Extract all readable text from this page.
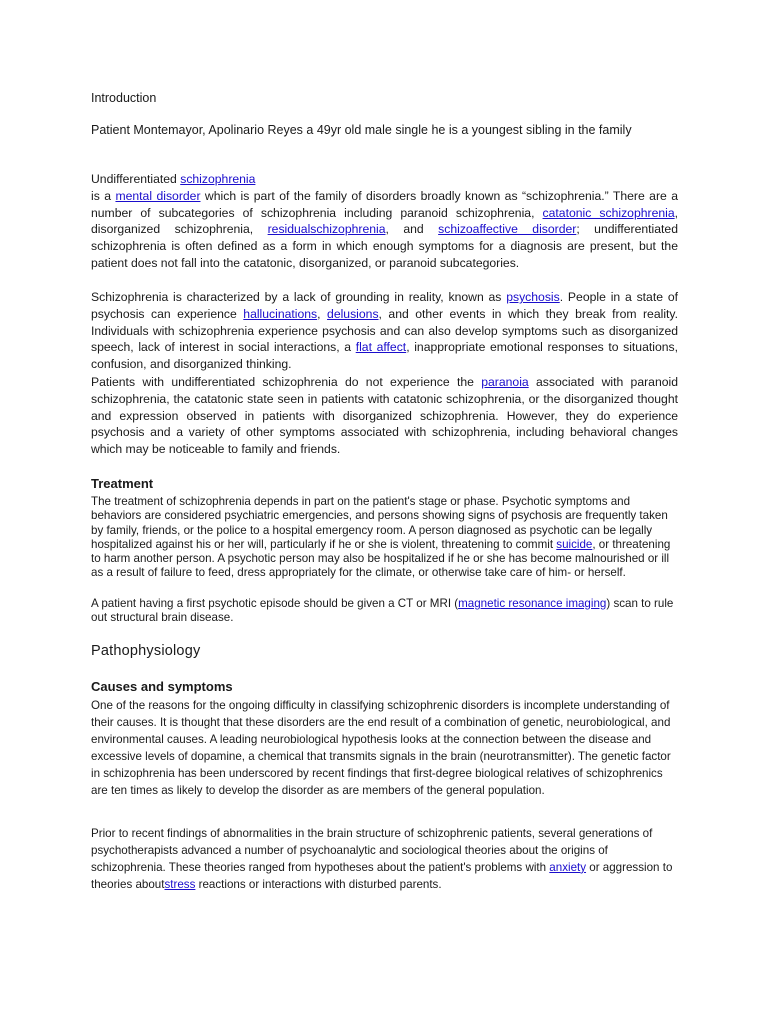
Introduction

Patient Montemayor, Apolinario Reyes a 49yr old male single he is a youngest sibling in the family

Undifferentiated schizophrenia
is a mental disorder which is part of the family of disorders broadly known as “schizophrenia.” There are a number of subcategories of schizophrenia including paranoid schizophrenia, catatonic schizophrenia, disorganized schizophrenia, residualschizophrenia, and schizoaffective disorder; undifferentiated schizophrenia is often defined as a form in which enough symptoms for a diagnosis are present, but the patient does not fall into the catatonic, disorganized, or paranoid subcategories.

Schizophrenia is characterized by a lack of grounding in reality, known as psychosis. People in a state of psychosis can experience hallucinations, delusions, and other events in which they break from reality. Individuals with schizophrenia experience psychosis and can also develop symptoms such as disorganized speech, lack of interest in social interactions, a flat affect, inappropriate emotional responses to situations, confusion, and disorganized thinking.

Patients with undifferentiated schizophrenia do not experience the paranoia associated with paranoid schizophrenia, the catatonic state seen in patients with catatonic schizophrenia, or the disorganized thought and expression observed in patients with disorganized schizophrenia. However, they do experience psychosis and a variety of other symptoms associated with schizophrenia, including behavioral changes which may be noticeable to family and friends.

Treatment

The treatment of schizophrenia depends in part on the patient's stage or phase. Psychotic symptoms and behaviors are considered psychiatric emergencies, and persons showing signs of psychosis are frequently taken by family, friends, or the police to a hospital emergency room. A person diagnosed as psychotic can be legally hospitalized against his or her will, particularly if he or she is violent, threatening to commit suicide, or threatening to harm another person. A psychotic person may also be hospitalized if he or she has become malnourished or ill as a result of failure to feed, dress appropriately for the climate, or otherwise take care of him- or herself.

A patient having a first psychotic episode should be given a CT or MRI (magnetic resonance imaging) scan to rule out structural brain disease.

Pathophysiology

Causes and symptoms

One of the reasons for the ongoing difficulty in classifying schizophrenic disorders is incomplete understanding of their causes. It is thought that these disorders are the end result of a combination of genetic, neurobiological, and environmental causes. A leading neurobiological hypothesis looks at the connection between the disease and excessive levels of dopamine, a chemical that transmits signals in the brain (neurotransmitter). The genetic factor in schizophrenia has been underscored by recent findings that first-degree biological relatives of schizophrenics are ten times as likely to develop the disorder as are members of the general population.

Prior to recent findings of abnormalities in the brain structure of schizophrenic patients, several generations of psychotherapists advanced a number of psychoanalytic and sociological theories about the origins of schizophrenia. These theories ranged from hypotheses about the patient's problems with anxiety or aggression to theories aboutstress reactions or interactions with disturbed parents.
